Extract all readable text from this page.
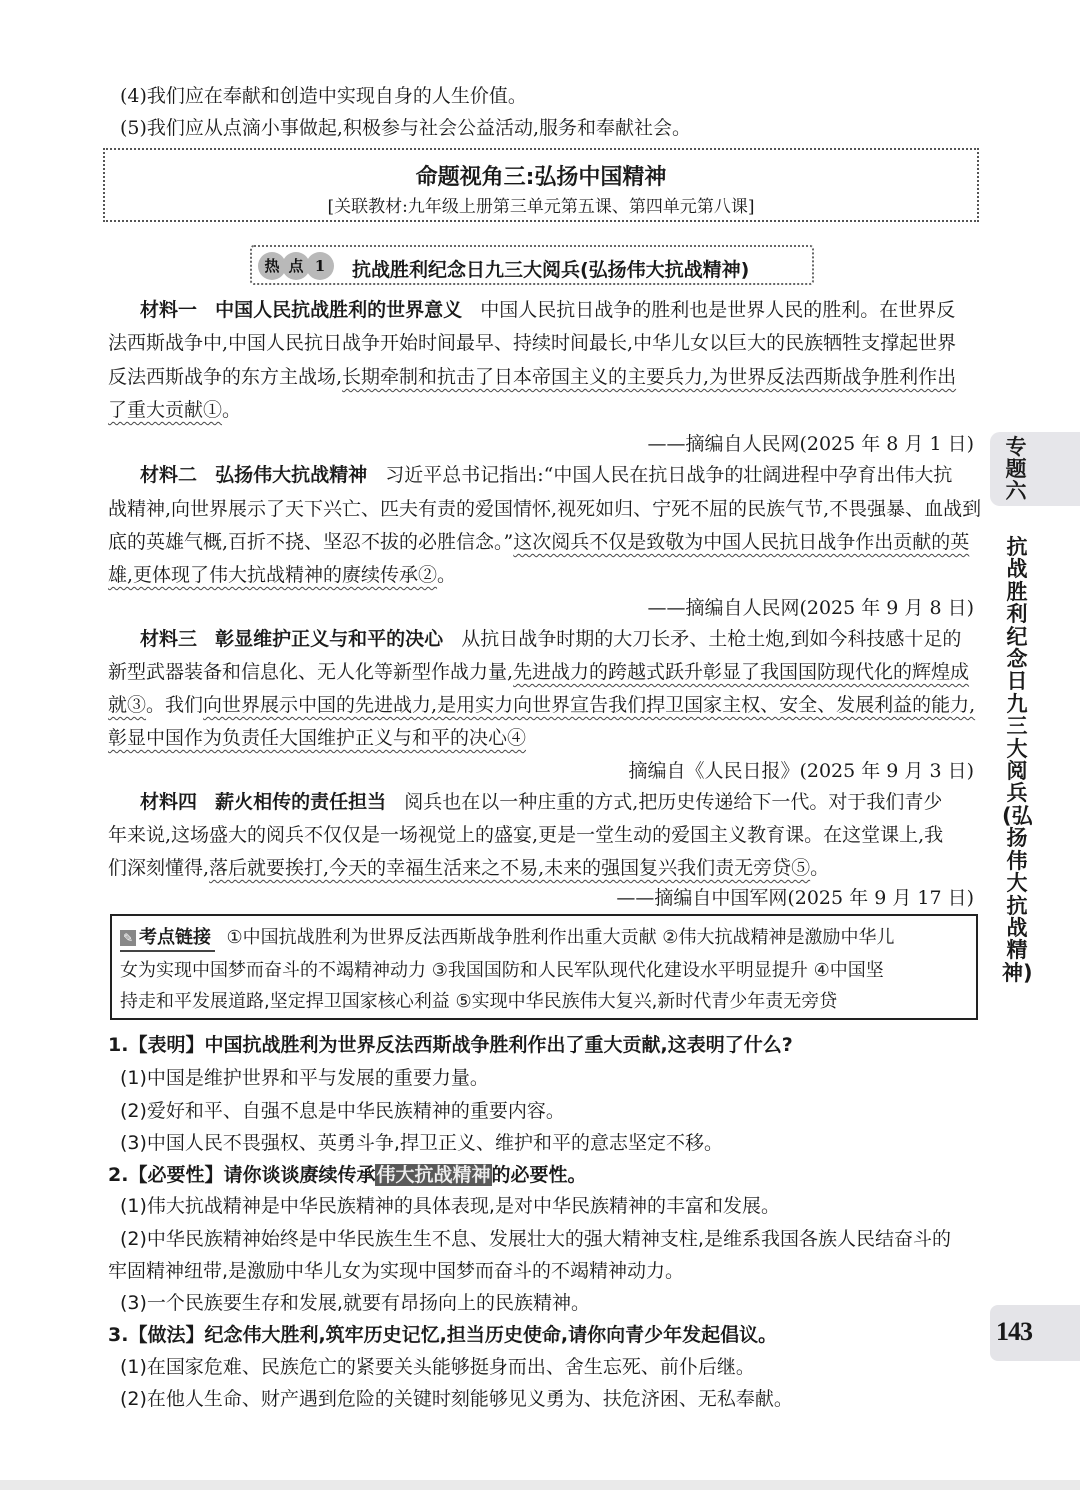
(4)我们应在奉献和创造中实现自身的人生价值。
(5)我们应从点滴小事做起,积极参与社会公益活动,服务和奉献社会。
命题视角三:弘扬中国精神
[关联教材:九年级上册第三单元第五课、第四单元第八课]
热 点 1	抗战胜利纪念日九三大阅兵(弘扬伟大抗战精神)
材料一 中国人民抗战胜利的世界意义 中国人民抗日战争的胜利也是世界人民的胜利。在世界反
法西斯战争中,中国人民抗日战争开始时间最早、持续时间最长,中华儿女以巨大的民族牺牲支撑起世界
反法西斯战争的东方主战场,长期牵制和抗击了日本帝国主义的主要兵力,为世界反法西斯战争胜利作出
了重大贡献①。
——摘编自人民网(2025 年 8 月 1 日)
材料二 弘扬伟大抗战精神 习近平总书记指出:“中国人民在抗日战争的壮阔进程中孕育出伟大抗
战精神,向世界展示了天下兴亡、匹夫有责的爱国情怀,视死如归、宁死不屈的民族气节,不畏强暴、血战到
底的英雄气概,百折不挠、坚忍不拔的必胜信念。”这次阅兵不仅是致敬为中国人民抗日战争作出贡献的英
雄,更体现了伟大抗战精神的赓续传承②。
——摘编自人民网(2025 年 9 月 8 日)
材料三 彰显维护正义与和平的决心 从抗日战争时期的大刀长矛、土枪土炮,到如今科技感十足的
新型武器装备和信息化、无人化等新型作战力量,先进战力的跨越式跃升彰显了我国国防现代化的辉煌成
就③。我们向世界展示中国的先进战力,是用实力向世界宣告我们捍卫国家主权、安全、发展利益的能力,
彰显中国作为负责任大国维护正义与和平的决心④
摘编自《人民日报》(2025 年 9 月 3 日)
材料四 薪火相传的责任担当 阅兵也在以一种庄重的方式,把历史传递给下一代。对于我们青少
年来说,这场盛大的阅兵不仅仅是一场视觉上的盛宴,更是一堂生动的爱国主义教育课。在这堂课上,我
们深刻懂得,落后就要挨打,今天的幸福生活来之不易,未来的强国复兴我们责无旁贷⑤。
——摘编自中国军网(2025 年 9 月 17 日)
✎ 考点链接 ①中国抗战胜利为世界反法西斯战争胜利作出重大贡献 ②伟大抗战精神是激励中华儿
女为实现中国梦而奋斗的不竭精神动力 ③我国国防和人民军队现代化建设水平明显提升 ④中国坚
持走和平发展道路,坚定捍卫国家核心利益 ⑤实现中华民族伟大复兴,新时代青少年责无旁贷
1.【表明】中国抗战胜利为世界反法西斯战争胜利作出了重大贡献,这表明了什么?
(1)中国是维护世界和平与发展的重要力量。
(2)爱好和平、自强不息是中华民族精神的重要内容。
(3)中国人民不畏强权、英勇斗争,捍卫正义、维护和平的意志坚定不移。
2.【必要性】请你谈谈赓续传承伟大抗战精神的必要性。
(1)伟大抗战精神是中华民族精神的具体表现,是对中华民族精神的丰富和发展。
(2)中华民族精神始终是中华民族生生不息、发展壮大的强大精神支柱,是维系我国各族人民结奋斗的
牢固精神纽带,是激励中华儿女为实现中国梦而奋斗的不竭精神动力。
(3)一个民族要生存和发展,就要有昂扬向上的民族精神。
3.【做法】纪念伟大胜利,筑牢历史记忆,担当历史使命,请你向青少年发起倡议。
(1)在国家危难、民族危亡的紧要关头能够挺身而出、舍生忘死、前仆后继。
(2)在他人生命、财产遇到危险的关键时刻能够见义勇为、扶危济困、无私奉献。
专题六
抗战胜利纪念日九三大阅兵(弘扬伟大抗战精神)
143
